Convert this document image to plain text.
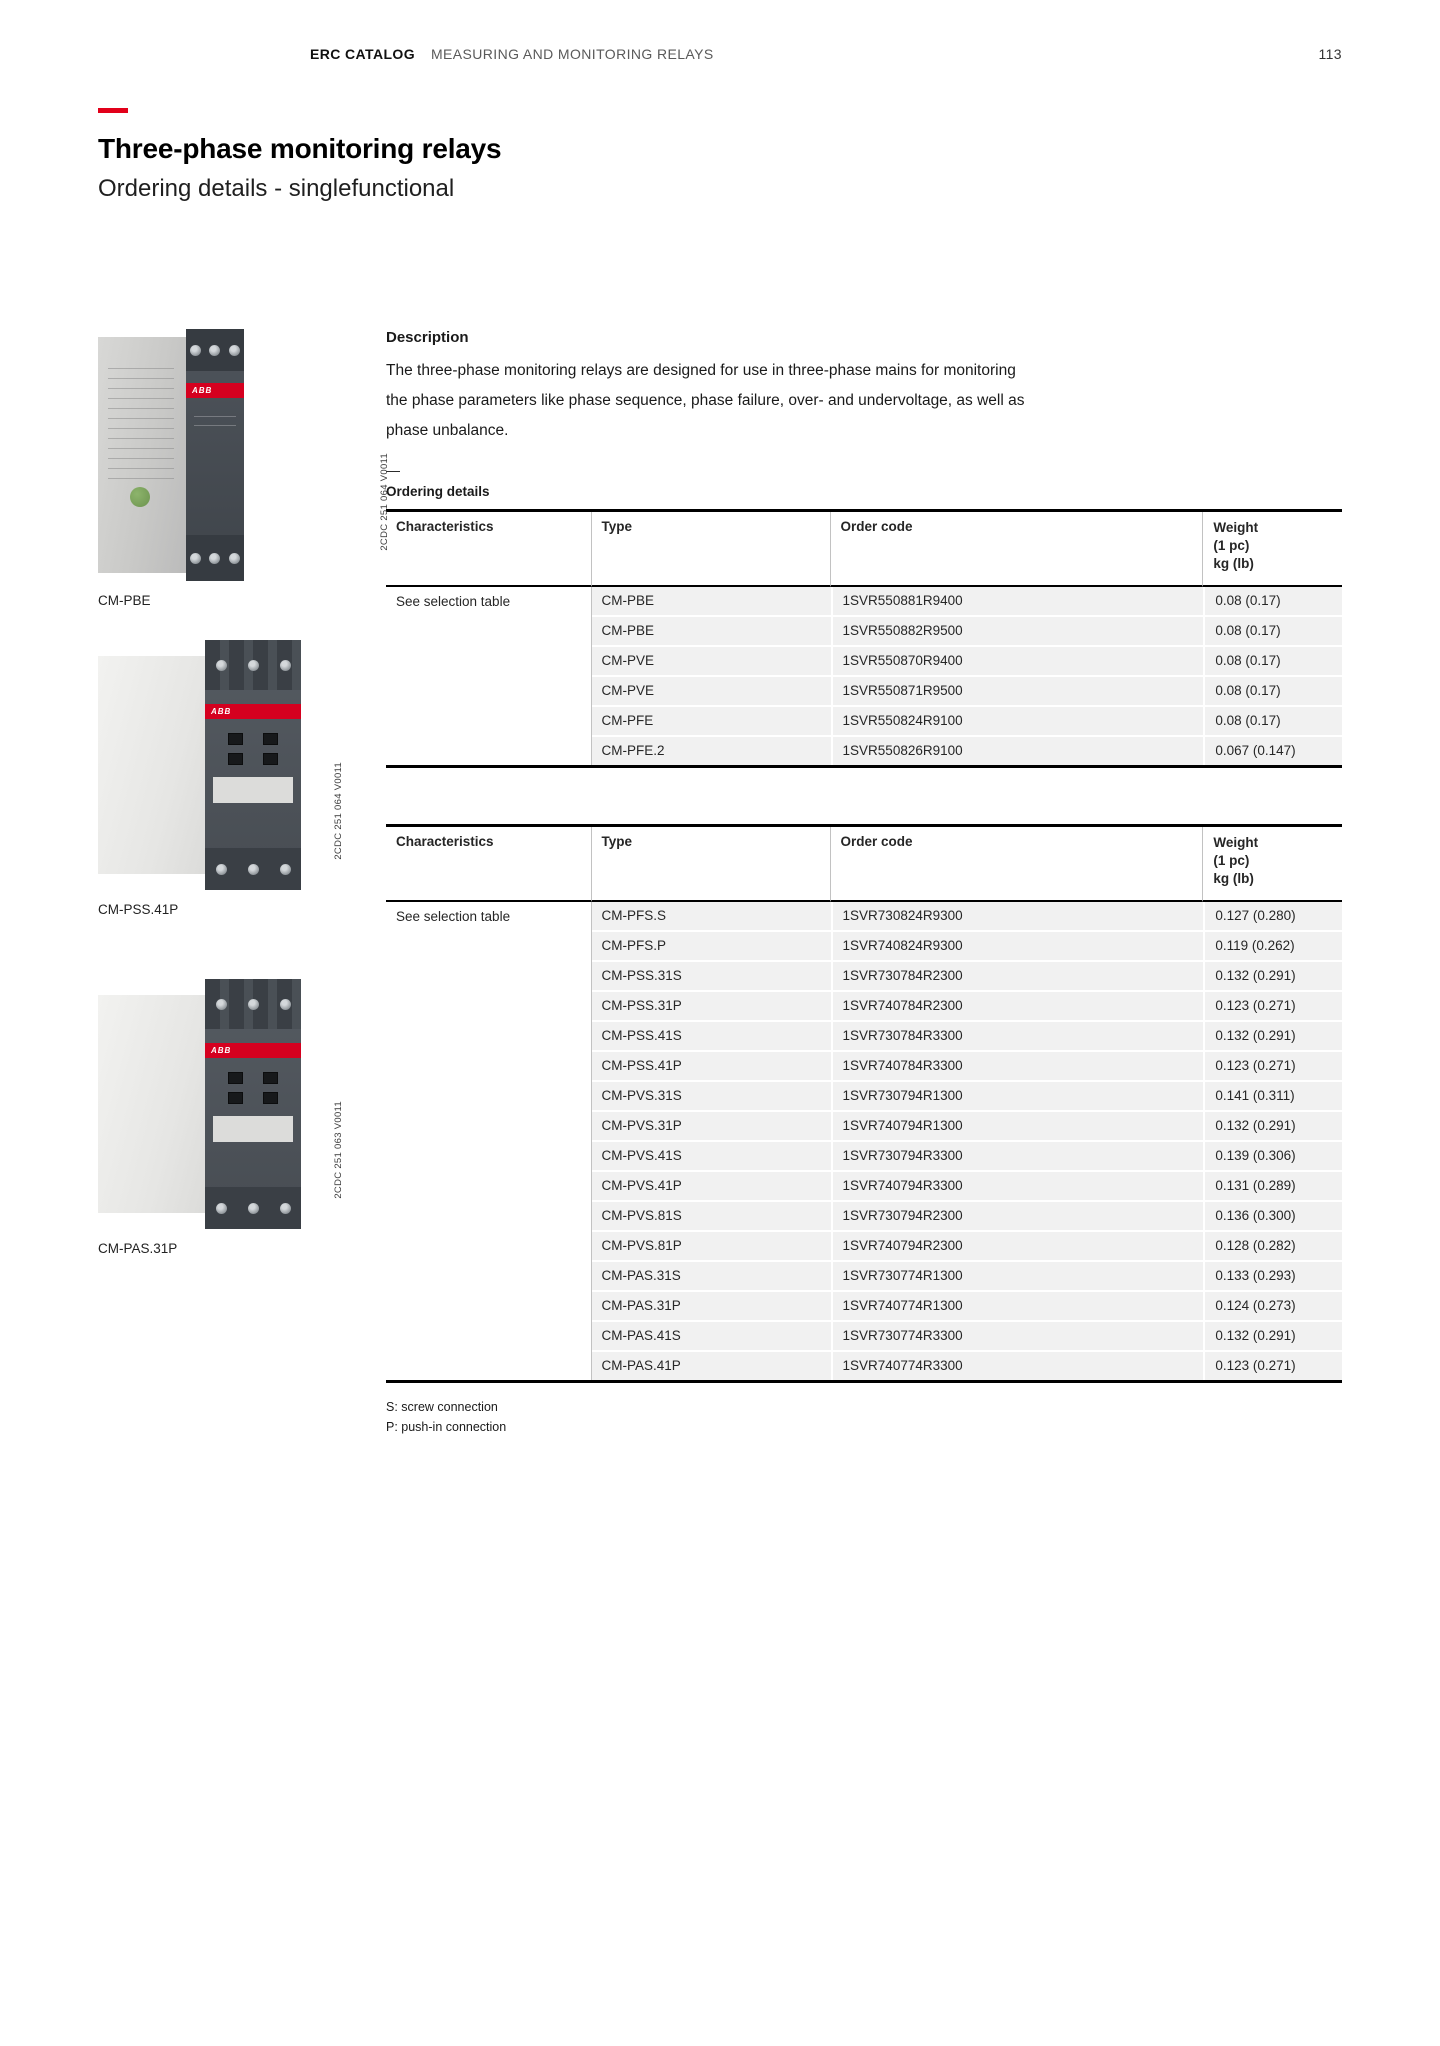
ERC CATALOG MEASURING AND MONITORING RELAYS	113
Three-phase monitoring relays
Ordering details - singlefunctional
ABB
2CDC 251 064 V0011
CM-PBE
ABB
2CDC 251 064 V0011
CM-PSS.41P
ABB
2CDC 251 063 V0011
CM-PAS.31P
Description

The three-phase monitoring relays are designed for use in three-phase mains for monitoring the phase parameters like phase sequence, phase failure, over- and undervoltage, as well as phase unbalance.

—
Ordering details
Characteristics	Type	Order code	Weight
(1 pc)
kg (lb)

See selection table	CM-PBE	1SVR550881R9400	0.08 (0.17)
	CM-PBE	1SVR550882R9500	0.08 (0.17)
	CM-PVE	1SVR550870R9400	0.08 (0.17)
	CM-PVE	1SVR550871R9500	0.08 (0.17)
	CM-PFE	1SVR550824R9100	0.08 (0.17)
	CM-PFE.2	1SVR550826R9100	0.067 (0.147)
Characteristics	Type	Order code	Weight
(1 pc)
kg (lb)

See selection table	CM-PFS.S	1SVR730824R9300	0.127 (0.280)
	CM-PFS.P	1SVR740824R9300	0.119 (0.262)
	CM-PSS.31S	1SVR730784R2300	0.132 (0.291)
	CM-PSS.31P	1SVR740784R2300	0.123 (0.271)
	CM-PSS.41S	1SVR730784R3300	0.132 (0.291)
	CM-PSS.41P	1SVR740784R3300	0.123 (0.271)
	CM-PVS.31S	1SVR730794R1300	0.141 (0.311)
	CM-PVS.31P	1SVR740794R1300	0.132 (0.291)
	CM-PVS.41S	1SVR730794R3300	0.139 (0.306)
	CM-PVS.41P	1SVR740794R3300	0.131 (0.289)
	CM-PVS.81S	1SVR730794R2300	0.136 (0.300)
	CM-PVS.81P	1SVR740794R2300	0.128 (0.282)
	CM-PAS.31S	1SVR730774R1300	0.133 (0.293)
	CM-PAS.31P	1SVR740774R1300	0.124 (0.273)
	CM-PAS.41S	1SVR730774R3300	0.132 (0.291)
	CM-PAS.41P	1SVR740774R3300	0.123 (0.271)
S: screw connection
P: push-in connection
